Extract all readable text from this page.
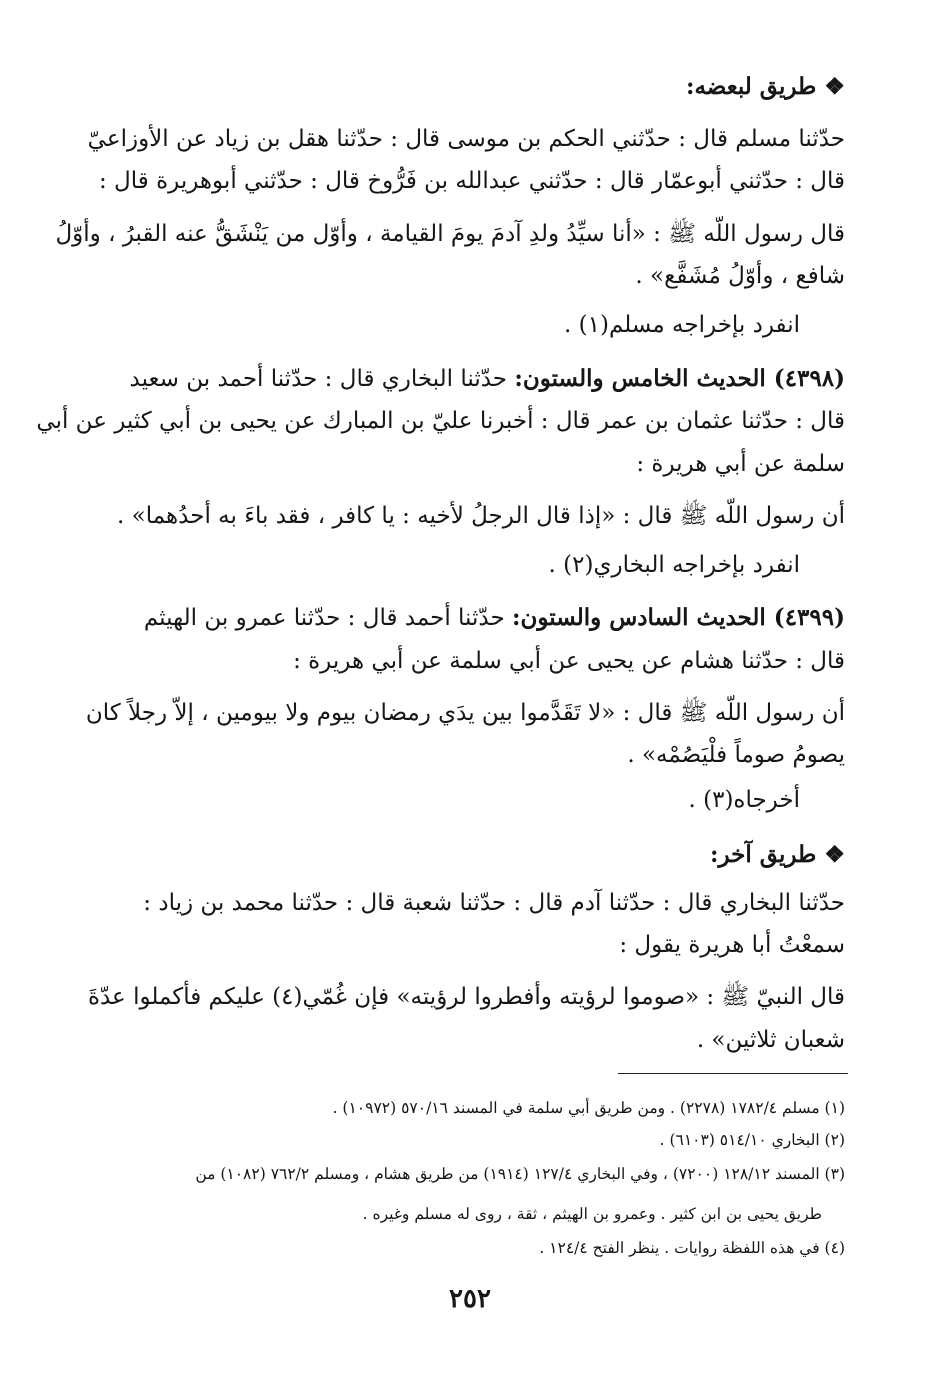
❖ طريق لبعضه:
حدّثنا مسلم قال : حدّثني الحكم بن موسى قال : حدّثنا هقل بن زياد عن الأوزاعيّ
قال : حدّثني أبوعمّار قال : حدّثني عبدالله بن فَرُّوخ قال : حدّثني أبوهريرة قال :
قال رسول اللّه ﷺ : «أنا سيِّدُ ولدِ آدمَ يومَ القيامة ، وأوّل من يَنْشَقُّ عنه القبرُ ، وأوّلُ
شافع ، وأوّلُ مُشَفَّع» .
انفرد بإخراجه مسلم(١) .
(٤٣٩٨) الحديث الخامس والستون: حدّثنا البخاري قال : حدّثنا أحمد بن سعيد
قال : حدّثنا عثمان بن عمر قال : أخبرنا عليّ بن المبارك عن يحيى بن أبي كثير عن أبي
سلمة عن أبي هريرة :
أن رسول اللّه ﷺ قال : «إذا قال الرجلُ لأخيه : يا كافر ، فقد باءَ به أحدُهما» .
انفرد بإخراجه البخاري(٢) .
(٤٣٩٩) الحديث السادس والستون: حدّثنا أحمد قال : حدّثنا عمرو بن الهيثم
قال : حدّثنا هشام عن يحيى عن أبي سلمة عن أبي هريرة :
أن رسول اللّه ﷺ قال : «لا تَقَدَّموا بين يدَي رمضان بيوم ولا بيومين ، إلاّ رجلاً كان
يصومُ صوماً فلْيَصُمْه» .
أخرجاه(٣) .
❖ طريق آخر:
حدّثنا البخاري قال : حدّثنا آدم قال : حدّثنا شعبة قال : حدّثنا محمد بن زياد :
سمعْتُ أبا هريرة يقول :
قال النبيّ ﷺ : «صوموا لرؤيته وأفطروا لرؤيته» فإن غُمّي(٤) عليكم فأكملوا عدّةَ
شعبان ثلاثين» .
(١) مسلم ١٧٨٢/٤ (٢٢٧٨) . ومن طريق أبي سلمة في المسند ٥٧٠/١٦ (١٠٩٧٢) .
(٢) البخاري ٥١٤/١٠ (٦١٠٣) .
(٣) المسند ١٢٨/١٢ (٧٢٠٠) ، وفي البخاري ١٢٧/٤ (١٩١٤) من طريق هشام ، ومسلم ٧٦٢/٢ (١٠٨٢) من
طريق يحيى بن ابن كثير . وعمرو بن الهيثم ، ثقة ، روى له مسلم وغيره .
(٤) في هذه اللفظة روايات . ينظر الفتح ١٢٤/٤ .
٢٥٢
